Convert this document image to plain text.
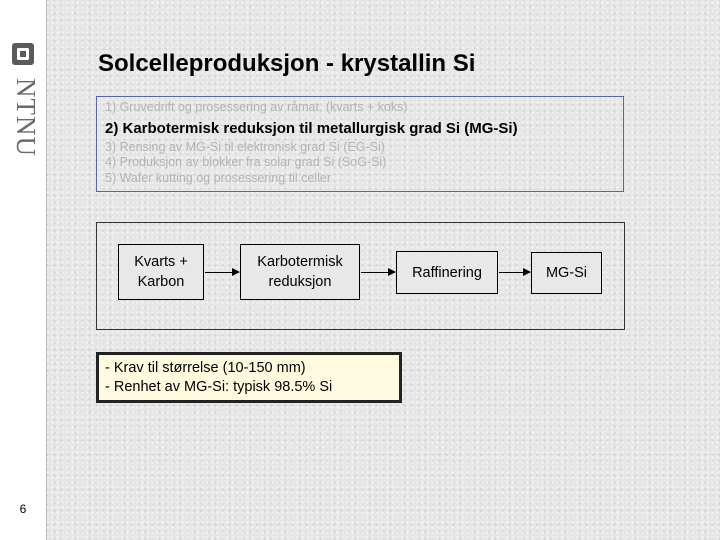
NTNU
6
Solcelleproduksjon - krystallin Si
1) Gruvedrift og prosessering av råmat. (kvarts + koks)
2) Karbotermisk reduksjon til metallurgisk grad Si (MG-Si)
3) Rensing av MG-Si til elektronisk grad Si (EG-Si)
4) Produksjon av blokker fra solar grad Si (SoG-Si)
5) Wafer kutting og prosessering til celler
Kvarts +
Karbon
Karbotermisk
reduksjon
Raffinering	MG-Si
- Krav til størrelse (10-150 mm)
- Renhet av MG-Si: typisk 98.5% Si
